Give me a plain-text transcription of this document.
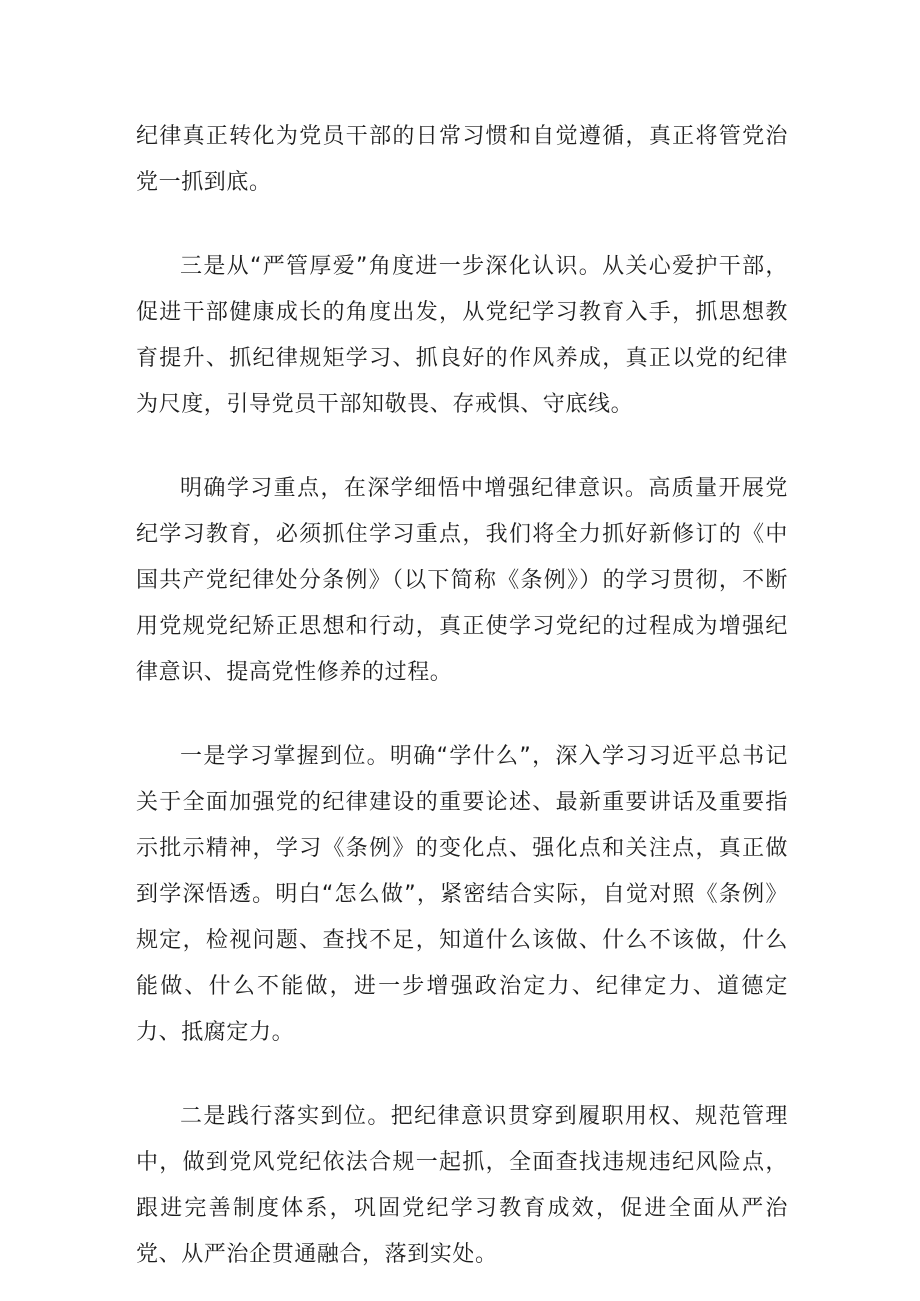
纪律真正转化为党员干部的日常习惯和自觉遵循，真正将管党治党一抓到底。

三是从“严管厚爱”角度进一步深化认识。从关心爱护干部，促进干部健康成长的角度出发，从党纪学习教育入手，抓思想教育提升、抓纪律规矩学习、抓良好的作风养成，真正以党的纪律为尺度，引导党员干部知敬畏、存戒惧、守底线。

明确学习重点，在深学细悟中增强纪律意识。高质量开展党纪学习教育，必须抓住学习重点，我们将全力抓好新修订的《中国共产党纪律处分条例》（以下简称《条例》）的学习贯彻，不断用党规党纪矫正思想和行动，真正使学习党纪的过程成为增强纪律意识、提高党性修养的过程。

一是学习掌握到位。明确“学什么”，深入学习习近平总书记关于全面加强党的纪律建设的重要论述、最新重要讲话及重要指示批示精神，学习《条例》的变化点、强化点和关注点，真正做到学深悟透。明白“怎么做”，紧密结合实际，自觉对照《条例》规定，检视问题、查找不足，知道什么该做、什么不该做，什么能做、什么不能做，进一步增强政治定力、纪律定力、道德定力、抵腐定力。

二是践行落实到位。把纪律意识贯穿到履职用权、规范管理中，做到党风党纪依法合规一起抓，全面查找违规违纪风险点，跟进完善制度体系，巩固党纪学习教育成效，促进全面从严治党、从严治企贯通融合，落到实处。
